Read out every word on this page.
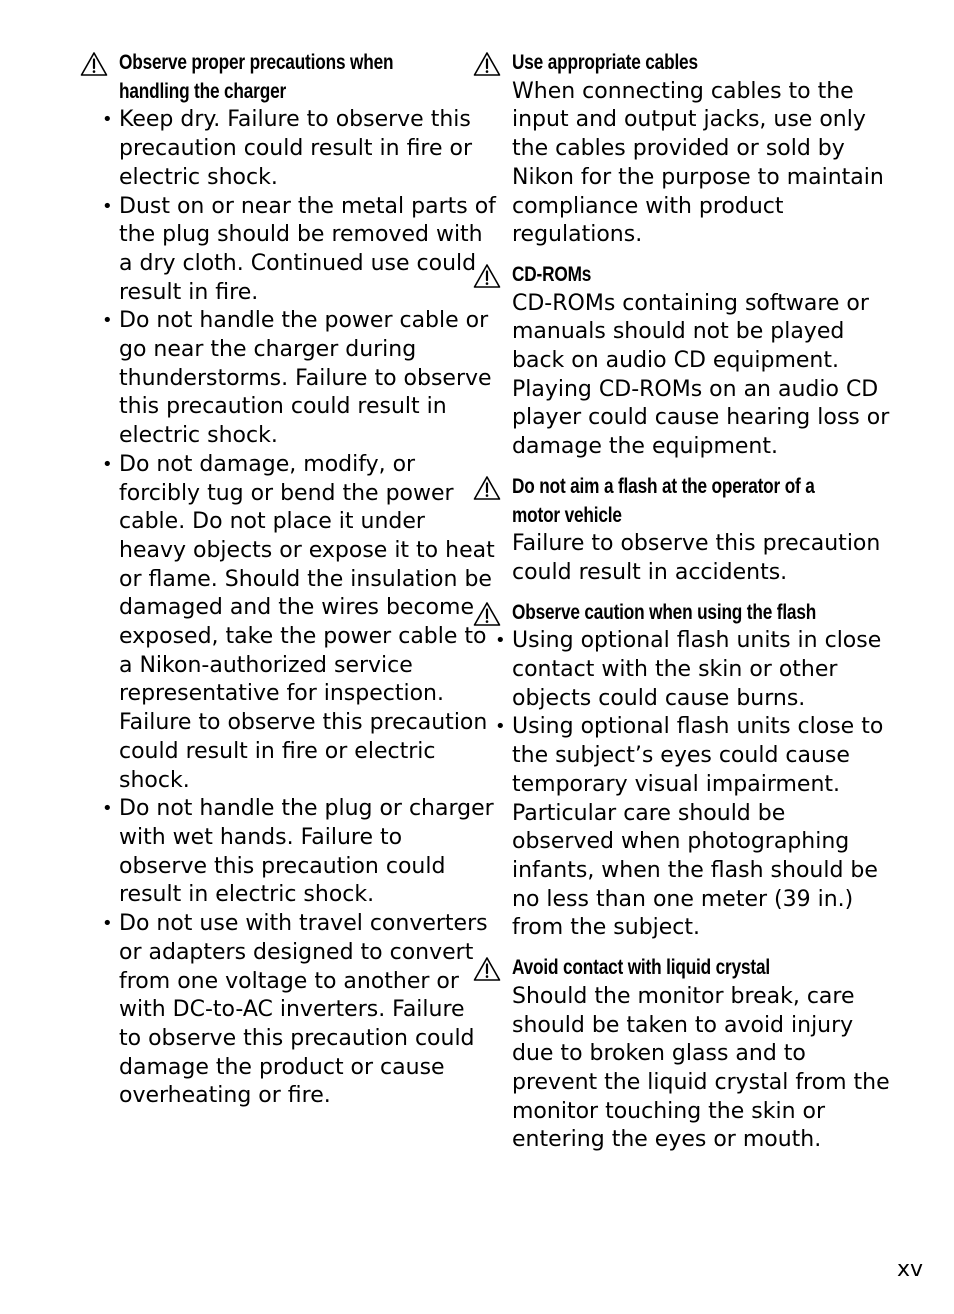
Observe proper precautions when
handling the charger
• Keep dry. Failure to observe this
precaution could result in fire or
electric shock.
• Dust on or near the metal parts of
the plug should be removed with
a dry cloth. Continued use could
result in fire.
• Do not handle the power cable or
go near the charger during
thunderstorms. Failure to observe
this precaution could result in
electric shock.
• Do not damage, modify, or
forcibly tug or bend the power
cable. Do not place it under
heavy objects or expose it to heat
or flame. Should the insulation be
damaged and the wires become
exposed, take the power cable to
a Nikon-authorized service
representative for inspection.
Failure to observe this precaution
could result in fire or electric
shock.
• Do not handle the plug or charger
with wet hands. Failure to
observe this precaution could
result in electric shock.
• Do not use with travel converters
or adapters designed to convert
from one voltage to another or
with DC-to-AC inverters. Failure
to observe this precaution could
damage the product or cause
overheating or fire.
Use appropriate cables
When connecting cables to the
input and output jacks, use only
the cables provided or sold by
Nikon for the purpose to maintain
compliance with product
regulations.
CD-ROMs
CD-ROMs containing software or
manuals should not be played
back on audio CD equipment.
Playing CD-ROMs on an audio CD
player could cause hearing loss or
damage the equipment.
Do not aim a flash at the operator of a
motor vehicle
Failure to observe this precaution
could result in accidents.
Observe caution when using the flash
• Using optional flash units in close
contact with the skin or other
objects could cause burns.
• Using optional flash units close to
the subject’s eyes could cause
temporary visual impairment.
Particular care should be
observed when photographing
infants, when the flash should be
no less than one meter (39 in.)
from the subject.
Avoid contact with liquid crystal
Should the monitor break, care
should be taken to avoid injury
due to broken glass and to
prevent the liquid crystal from the
monitor touching the skin or
entering the eyes or mouth.
xv
